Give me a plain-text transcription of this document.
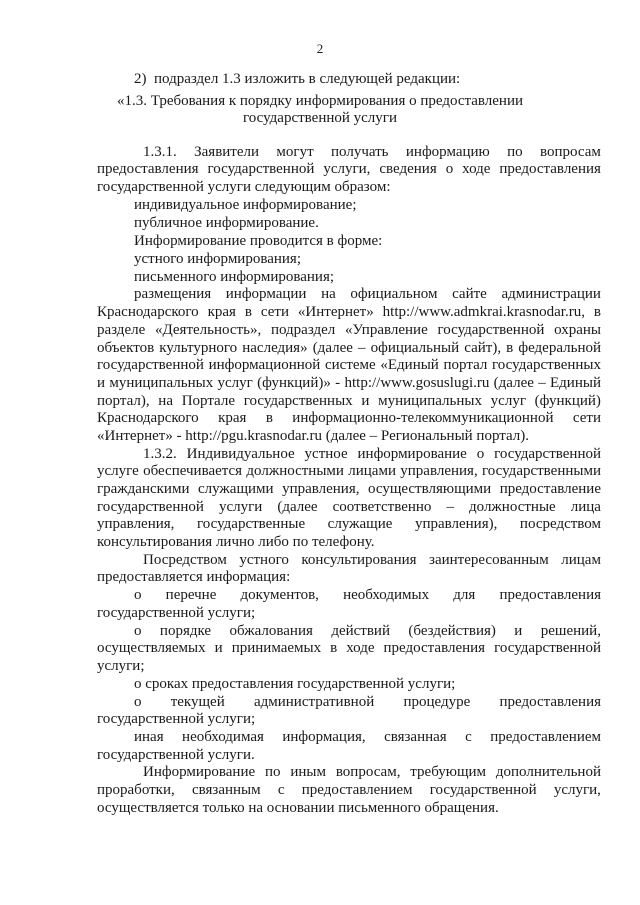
2
2)  подраздел 1.3 изложить в следующей редакции:
«1.3. Требования к порядку информирования о предоставлении
государственной услуги
1.3.1. Заявители могут получать информацию по вопросам
предоставления государственной услуги, сведения о ходе предоставления
государственной услуги следующим образом:
индивидуальное информирование;
публичное информирование.
Информирование проводится в форме:
устного информирования;
письменного информирования;
размещения информации на официальном сайте администрации
Краснодарского края в сети «Интернет» http://www.admkrai.krasnodar.ru, в
разделе «Деятельность», подраздел «Управление государственной охраны
объектов культурного наследия» (далее – официальный сайт), в федеральной
государственной информационной системе «Единый портал государственных
и муниципальных услуг (функций)» - http://www.gosuslugi.ru (далее – Единый
портал), на Портале государственных и муниципальных услуг (функций)
Краснодарского края в информационно-телекоммуникационной сети
«Интернет» - http://pgu.krasnodar.ru (далее – Региональный портал).
1.3.2. Индивидуальное устное информирование о государственной
услуге обеспечивается должностными лицами управления, государственными
гражданскими служащими управления, осуществляющими предоставление
государственной услуги (далее соответственно – должностные лица
управления, государственные служащие управления), посредством
консультирования лично либо по телефону.
Посредством устного консультирования заинтересованным лицам
предоставляется информация:
о перечне документов, необходимых для предоставления
государственной услуги;
о порядке обжалования действий (бездействия) и решений,
осуществляемых и принимаемых в ходе предоставления государственной
услуги;
о сроках предоставления государственной услуги;
о текущей административной процедуре предоставления
государственной услуги;
иная необходимая информация, связанная с предоставлением
государственной услуги.
Информирование по иным вопросам, требующим дополнительной
проработки, связанным с предоставлением государственной услуги,
осуществляется только на основании письменного обращения.
